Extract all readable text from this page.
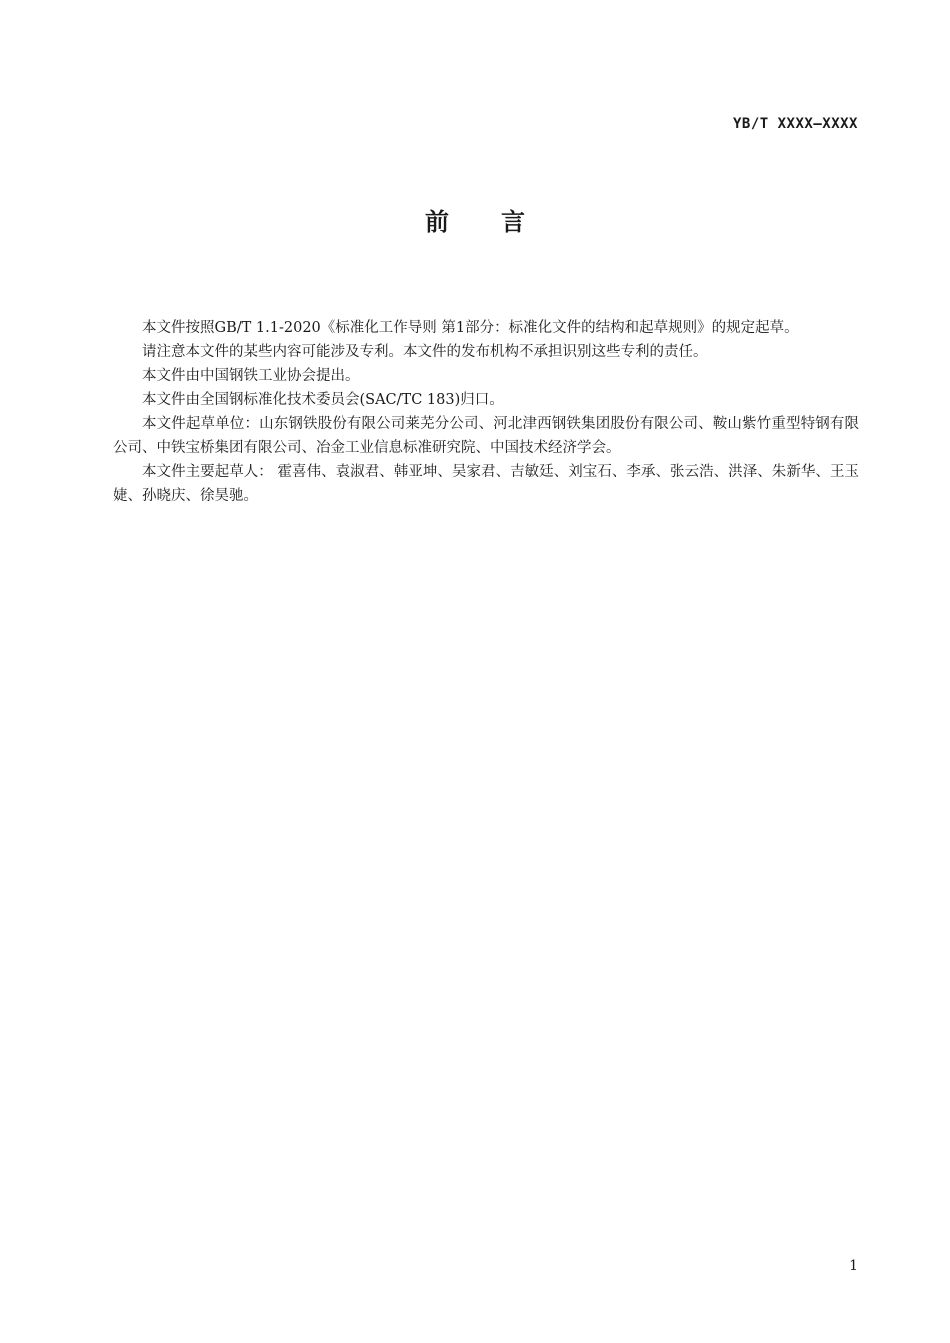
YB/T XXXX—XXXX
前言

本文件按照GB/T 1.1-2020《标准化工作导则 第1部分：标准化文件的结构和起草规则》的规定起草。

请注意本文件的某些内容可能涉及专利。本文件的发布机构不承担识别这些专利的责任。

本文件由中国钢铁工业协会提出。

本文件由全国钢标准化技术委员会(SAC/TC 183)归口。

本文件起草单位：山东钢铁股份有限公司莱芜分公司、河北津西钢铁集团股份有限公司、鞍山紫竹重型特钢有限公司、中铁宝桥集团有限公司、冶金工业信息标准研究院、中国技术经济学会。

本文件主要起草人： 霍喜伟、袁淑君、韩亚坤、吴家君、吉敏廷、刘宝石、李承、张云浩、洪泽、朱新华、王玉婕、孙晓庆、徐昊驰。

1
